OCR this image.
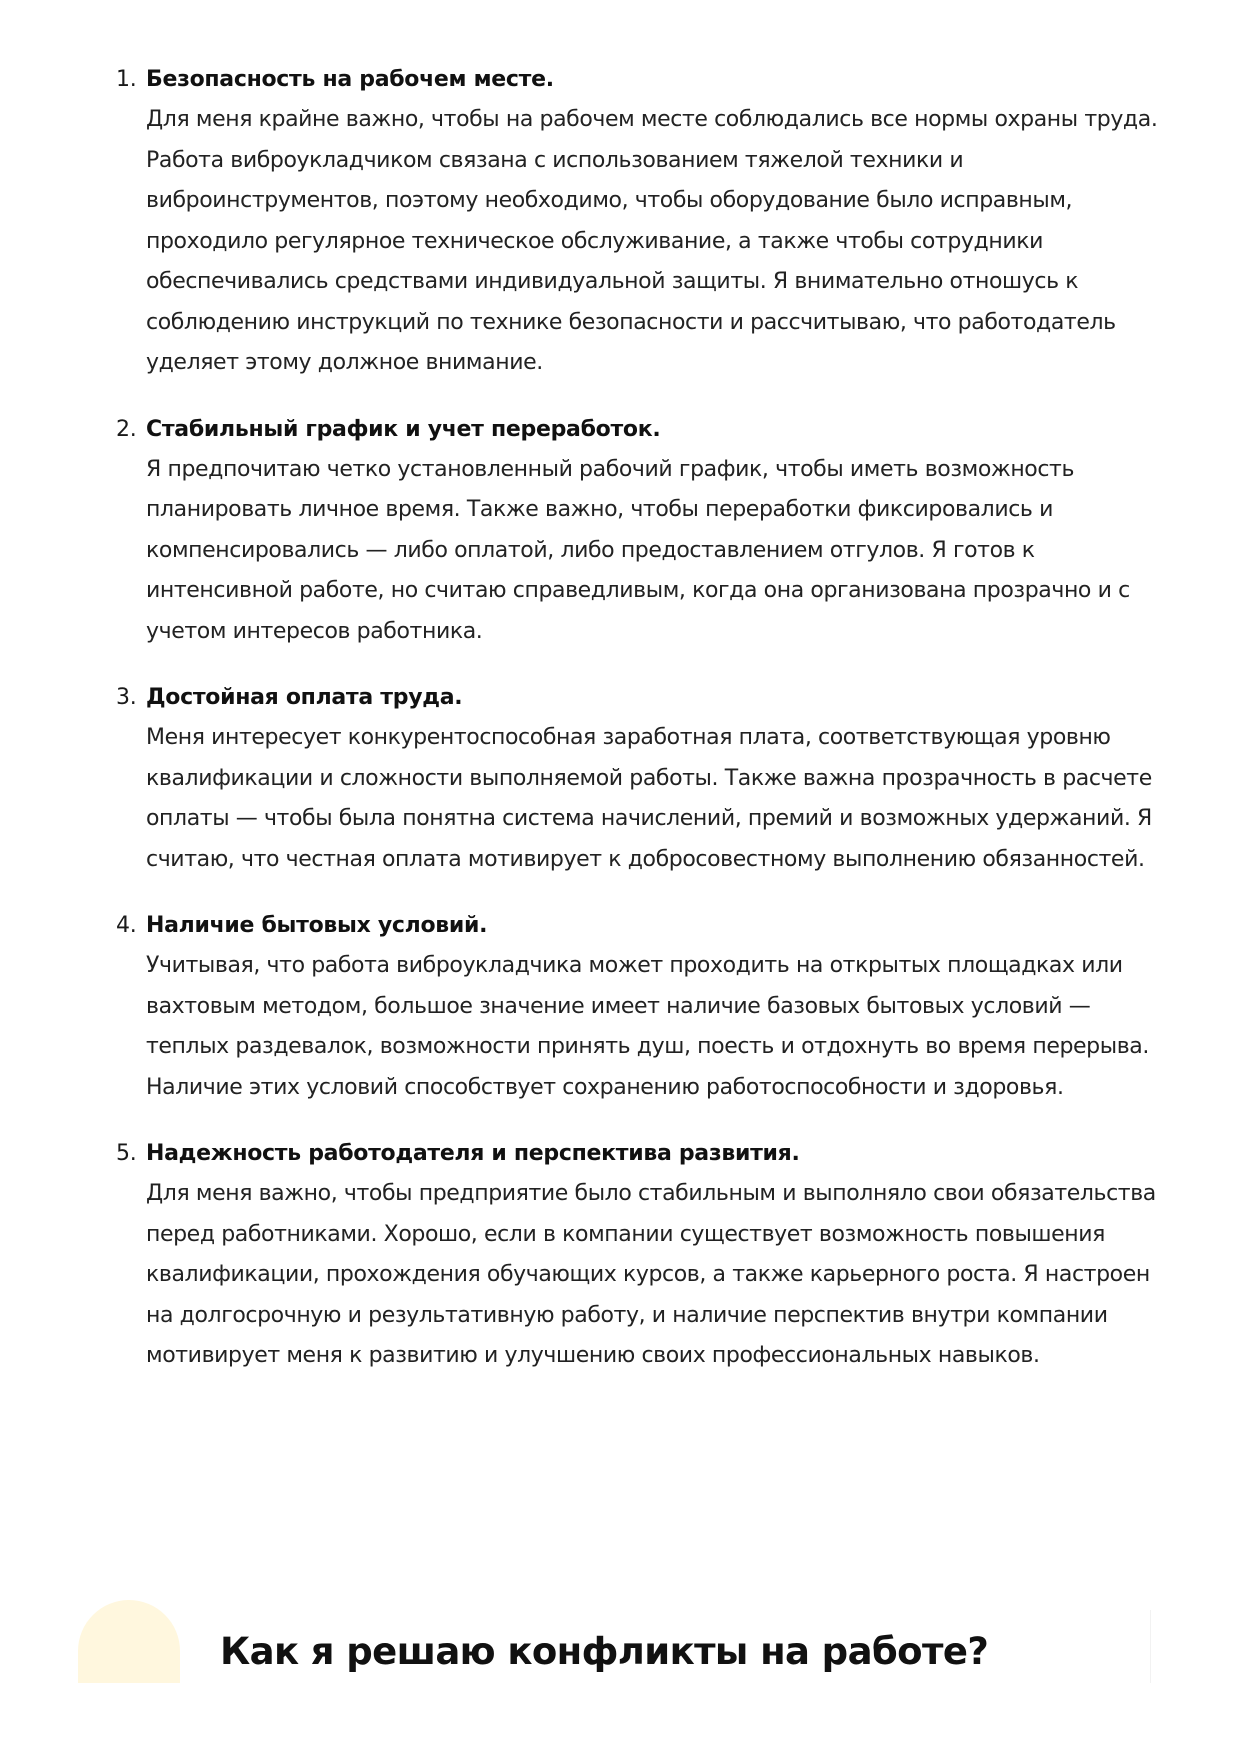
1. Безопасность на рабочем месте.
Для меня крайне важно, чтобы на рабочем месте соблюдались все нормы охраны труда. Работа виброукладчиком связана с использованием тяжелой техники и виброинструментов, поэтому необходимо, чтобы оборудование было исправным, проходило регулярное техническое обслуживание, а также чтобы сотрудники обеспечивались средствами индивидуальной защиты. Я внимательно отношусь к соблюдению инструкций по технике безопасности и рассчитываю, что работодатель уделяет этому должное внимание.
2. Стабильный график и учет переработок.
Я предпочитаю четко установленный рабочий график, чтобы иметь возможность планировать личное время. Также важно, чтобы переработки фиксировались и компенсировались — либо оплатой, либо предоставлением отгулов. Я готов к интенсивной работе, но считаю справедливым, когда она организована прозрачно и с учетом интересов работника.
3. Достойная оплата труда.
Меня интересует конкурентоспособная заработная плата, соответствующая уровню квалификации и сложности выполняемой работы. Также важна прозрачность в расчете оплаты — чтобы была понятна система начислений, премий и возможных удержаний. Я считаю, что честная оплата мотивирует к добросовестному выполнению обязанностей.
4. Наличие бытовых условий.
Учитывая, что работа виброукладчика может проходить на открытых площадках или вахтовым методом, большое значение имеет наличие базовых бытовых условий — теплых раздевалок, возможности принять душ, поесть и отдохнуть во время перерыва. Наличие этих условий способствует сохранению работоспособности и здоровья.
5. Надежность работодателя и перспектива развития.
Для меня важно, чтобы предприятие было стабильным и выполняло свои обязательства перед работниками. Хорошо, если в компании существует возможность повышения квалификации, прохождения обучающих курсов, а также карьерного роста. Я настроен на долгосрочную и результативную работу, и наличие перспектив внутри компании мотивирует меня к развитию и улучшению своих профессиональных навыков.
Как я решаю конфликты на работе?
